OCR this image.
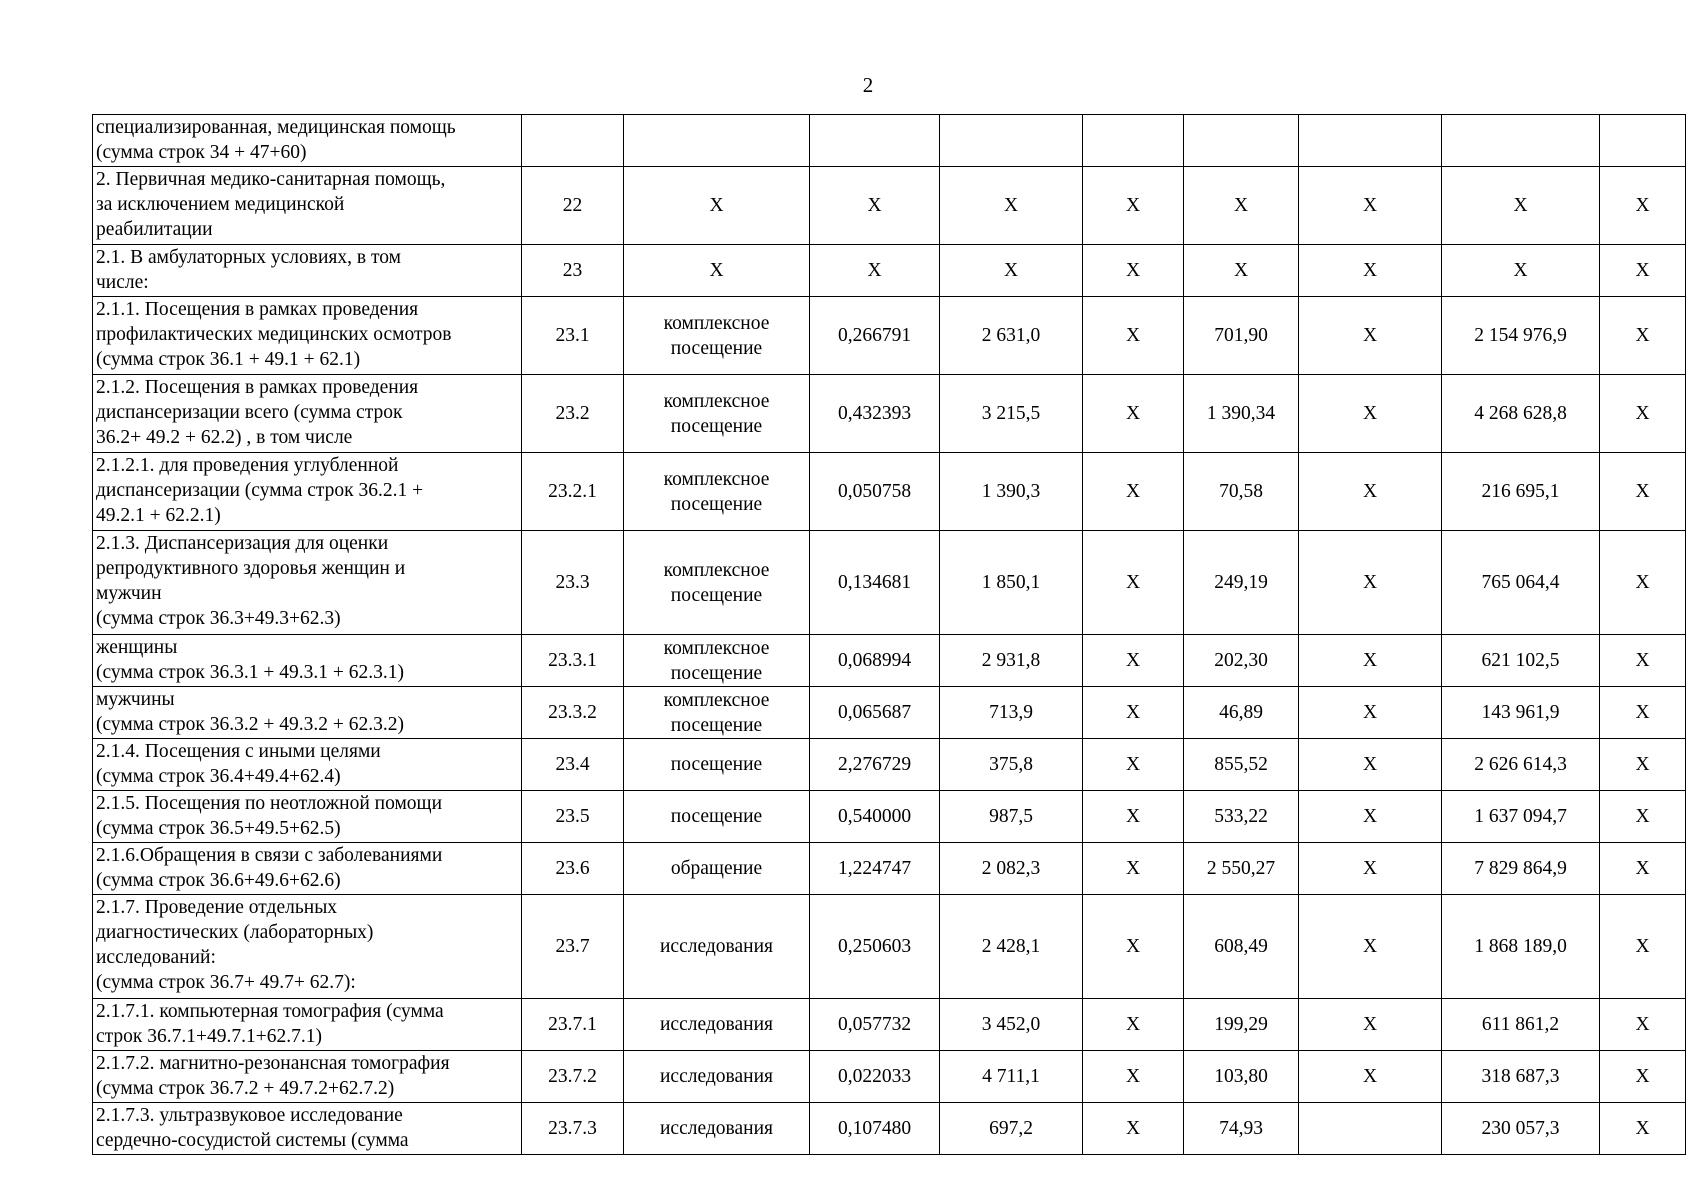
2
специализированная, медицинская помощь
(сумма строк 34 + 47+60)									
2. Первичная медико-санитарная помощь,
за исключением медицинской
реабилитации	22	Х	Х	Х	Х	Х	Х	Х	Х
2.1. В амбулаторных условиях, в том
числе:	23	Х	Х	Х	Х	Х	Х	Х	Х
2.1.1. Посещения в рамках проведения
профилактических медицинских осмотров
(сумма строк 36.1 + 49.1 + 62.1)	23.1	комплексное посещение	0,266791	2 631,0	Х	701,90	Х	2 154 976,9	Х
2.1.2. Посещения в рамках проведения
диспансеризации всего (сумма строк
36.2+ 49.2 + 62.2) , в том числе	23.2	комплексное посещение	0,432393	3 215,5	Х	1 390,34	Х	4 268 628,8	Х
2.1.2.1. для проведения углубленной
диспансеризации (сумма строк 36.2.1 +
49.2.1 + 62.2.1)	23.2.1	комплексное посещение	0,050758	1 390,3	Х	70,58	Х	216 695,1	Х
2.1.3. Диспансеризация для оценки
репродуктивного здоровья женщин и
мужчин
(сумма строк 36.3+49.3+62.3)	23.3	комплексное посещение	0,134681	1 850,1	Х	249,19	Х	765 064,4	Х
женщины
(сумма строк 36.3.1 + 49.3.1 + 62.3.1)	23.3.1	комплексное посещение	0,068994	2 931,8	Х	202,30	Х	621 102,5	Х
мужчины
(сумма строк 36.3.2 + 49.3.2 + 62.3.2)	23.3.2	комплексное посещение	0,065687	713,9	Х	46,89	Х	143 961,9	Х
2.1.4. Посещения с иными целями
(сумма строк 36.4+49.4+62.4)	23.4	посещение	2,276729	375,8	Х	855,52	Х	2 626 614,3	Х
2.1.5. Посещения по неотложной помощи
(сумма строк 36.5+49.5+62.5)	23.5	посещение	0,540000	987,5	Х	533,22	Х	1 637 094,7	Х
2.1.6.Обращения в связи с заболеваниями
(сумма строк 36.6+49.6+62.6)	23.6	обращение	1,224747	2 082,3	Х	2 550,27	Х	7 829 864,9	Х
2.1.7. Проведение отдельных
диагностических (лабораторных)
исследований:
(сумма строк 36.7+ 49.7+ 62.7):	23.7	исследования	0,250603	2 428,1	Х	608,49	Х	1 868 189,0	Х
2.1.7.1. компьютерная томография (сумма
строк 36.7.1+49.7.1+62.7.1)	23.7.1	исследования	0,057732	3 452,0	Х	199,29	Х	611 861,2	Х
2.1.7.2. магнитно-резонансная томография
(сумма строк 36.7.2 + 49.7.2+62.7.2)	23.7.2	исследования	0,022033	4 711,1	Х	103,80	Х	318 687,3	Х
2.1.7.3. ультразвуковое исследование
сердечно-сосудистой системы (сумма	23.7.3	исследования	0,107480	697,2	Х	74,93		230 057,3	Х
